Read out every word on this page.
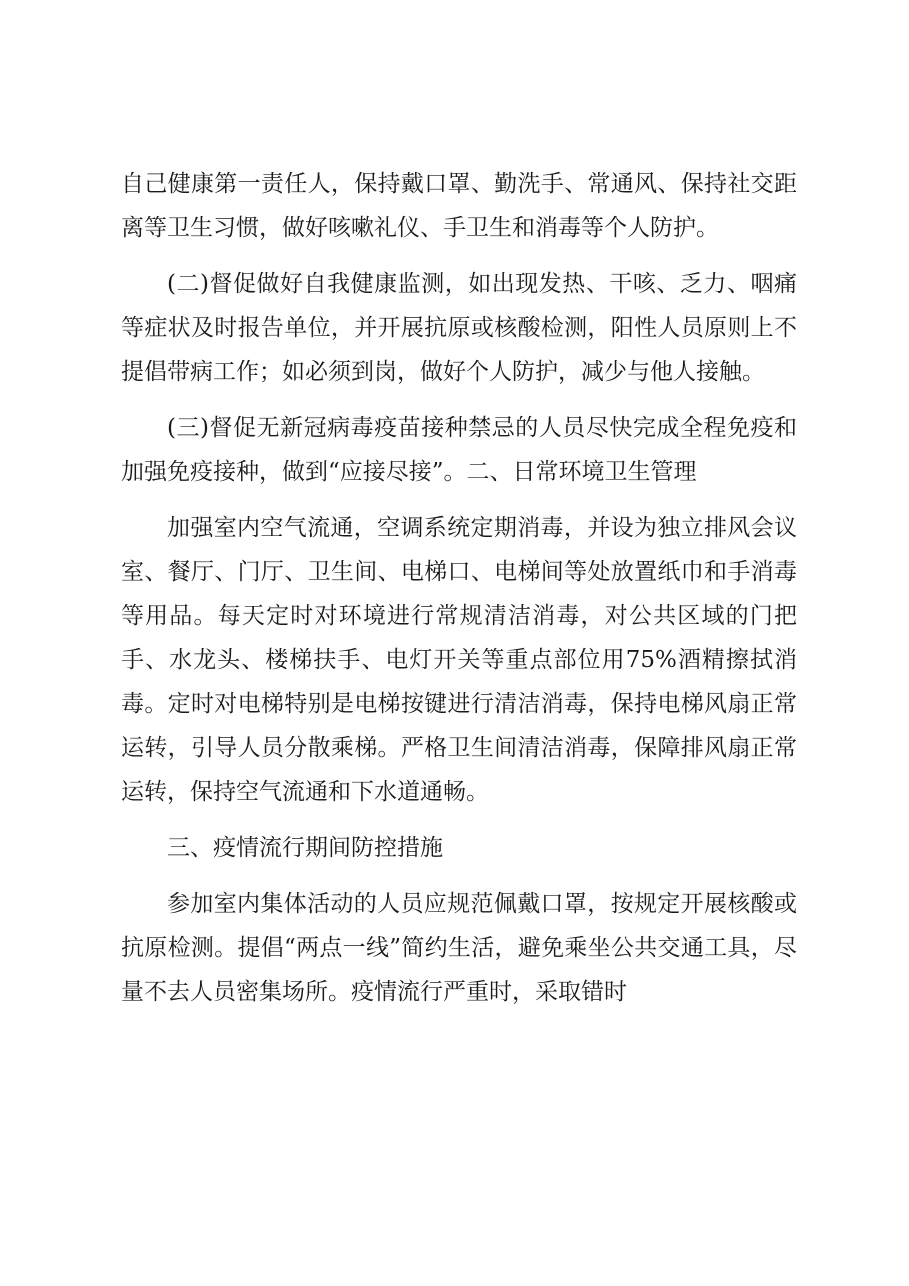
自己健康第一责任人，保持戴口罩、勤洗手、常通风、保持社交距离等卫生习惯，做好咳嗽礼仪、手卫生和消毒等个人防护。

(二)督促做好自我健康监测，如出现发热、干咳、乏力、咽痛等症状及时报告单位，并开展抗原或核酸检测，阳性人员原则上不提倡带病工作；如必须到岗，做好个人防护，减少与他人接触。

(三)督促无新冠病毒疫苗接种禁忌的人员尽快完成全程免疫和加强免疫接种，做到“应接尽接”。二、日常环境卫生管理

加强室内空气流通，空调系统定期消毒，并设为独立排风会议室、餐厅、门厅、卫生间、电梯口、电梯间等处放置纸巾和手消毒等用品。每天定时对环境进行常规清洁消毒，对公共区域的门把手、水龙头、楼梯扶手、电灯开关等重点部位用75%酒精擦拭消毒。定时对电梯特别是电梯按键进行清洁消毒，保持电梯风扇正常运转，引导人员分散乘梯。严格卫生间清洁消毒，保障排风扇正常运转，保持空气流通和下水道通畅。

三、疫情流行期间防控措施

参加室内集体活动的人员应规范佩戴口罩，按规定开展核酸或抗原检测。提倡“两点一线”简约生活，避免乘坐公共交通工具，尽量不去人员密集场所。疫情流行严重时，采取错时
